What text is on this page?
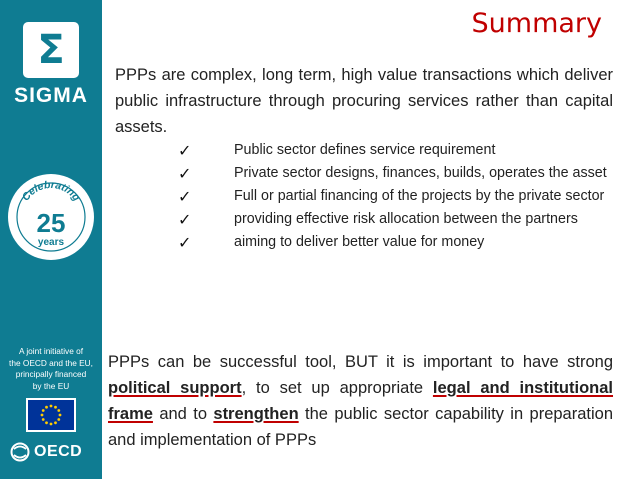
Σ
SIGMA
Celebrating
25
years
A joint initiative of
the OECD and the EU,
principally financed
by the EU
OECD
Summary
PPPs are complex, long term, high value transactions which deliver public infrastructure through procuring services rather than capital assets.
✓	Public sector defines service requirement
✓	Private sector designs, finances, builds, operates the asset
✓	Full or partial financing of the projects by the private sector
✓	providing effective risk allocation between the partners
✓	aiming to deliver better value for money
PPPs can be successful tool, BUT it is important to have strong political support, to set up appropriate legal and institutional frame and to strengthen the public sector capability in preparation and implementation of PPPs
